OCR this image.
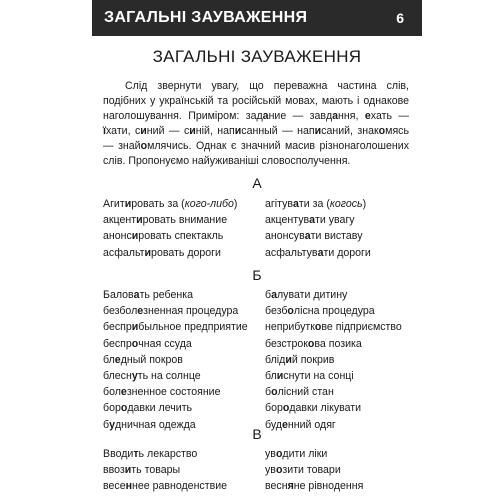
ЗАГАЛЬНІ ЗАУВАЖЕННЯ	6
ЗАГАЛЬНІ ЗАУВАЖЕННЯ

Слід звернути увагу, що переважна частина слів, подібних у українській та російській мовах, мають і однакове наголошування. Приміром: задание — завдання, ехать — їхати, синий — синій, написанный — написаний, знакомясь — знайомлячись. Однак є значний масив різнонаголошених слів. Пропонуємо найуживаніші словосполучення.

А
Агитировать за (кого-либо)	агітувати за (когось)
акцентировать внимание	акцентувати увагу
анонсировать спектакль	анонсувати виставу
асфальтировать дороги	асфальтувати дороги
Б
Баловать ребенка	балувати дитину
безболезненная процедура	безболісна процедура
бесприбыльное предприятие	неприбуткове підприємство
беспрочная ссуда	безстрокова позика
бледный покров	блідий покрив
блеснуть на солнце	блиснути на сонці
болезненное состояние	болісний стан
бородавки лечить	бородавки лікувати
будничная одежда	буденний одяг
В
Вводить лекарство	уводити ліки
ввозить товары	увозити товари
весеннее равноденствие	весняне рівнодення
